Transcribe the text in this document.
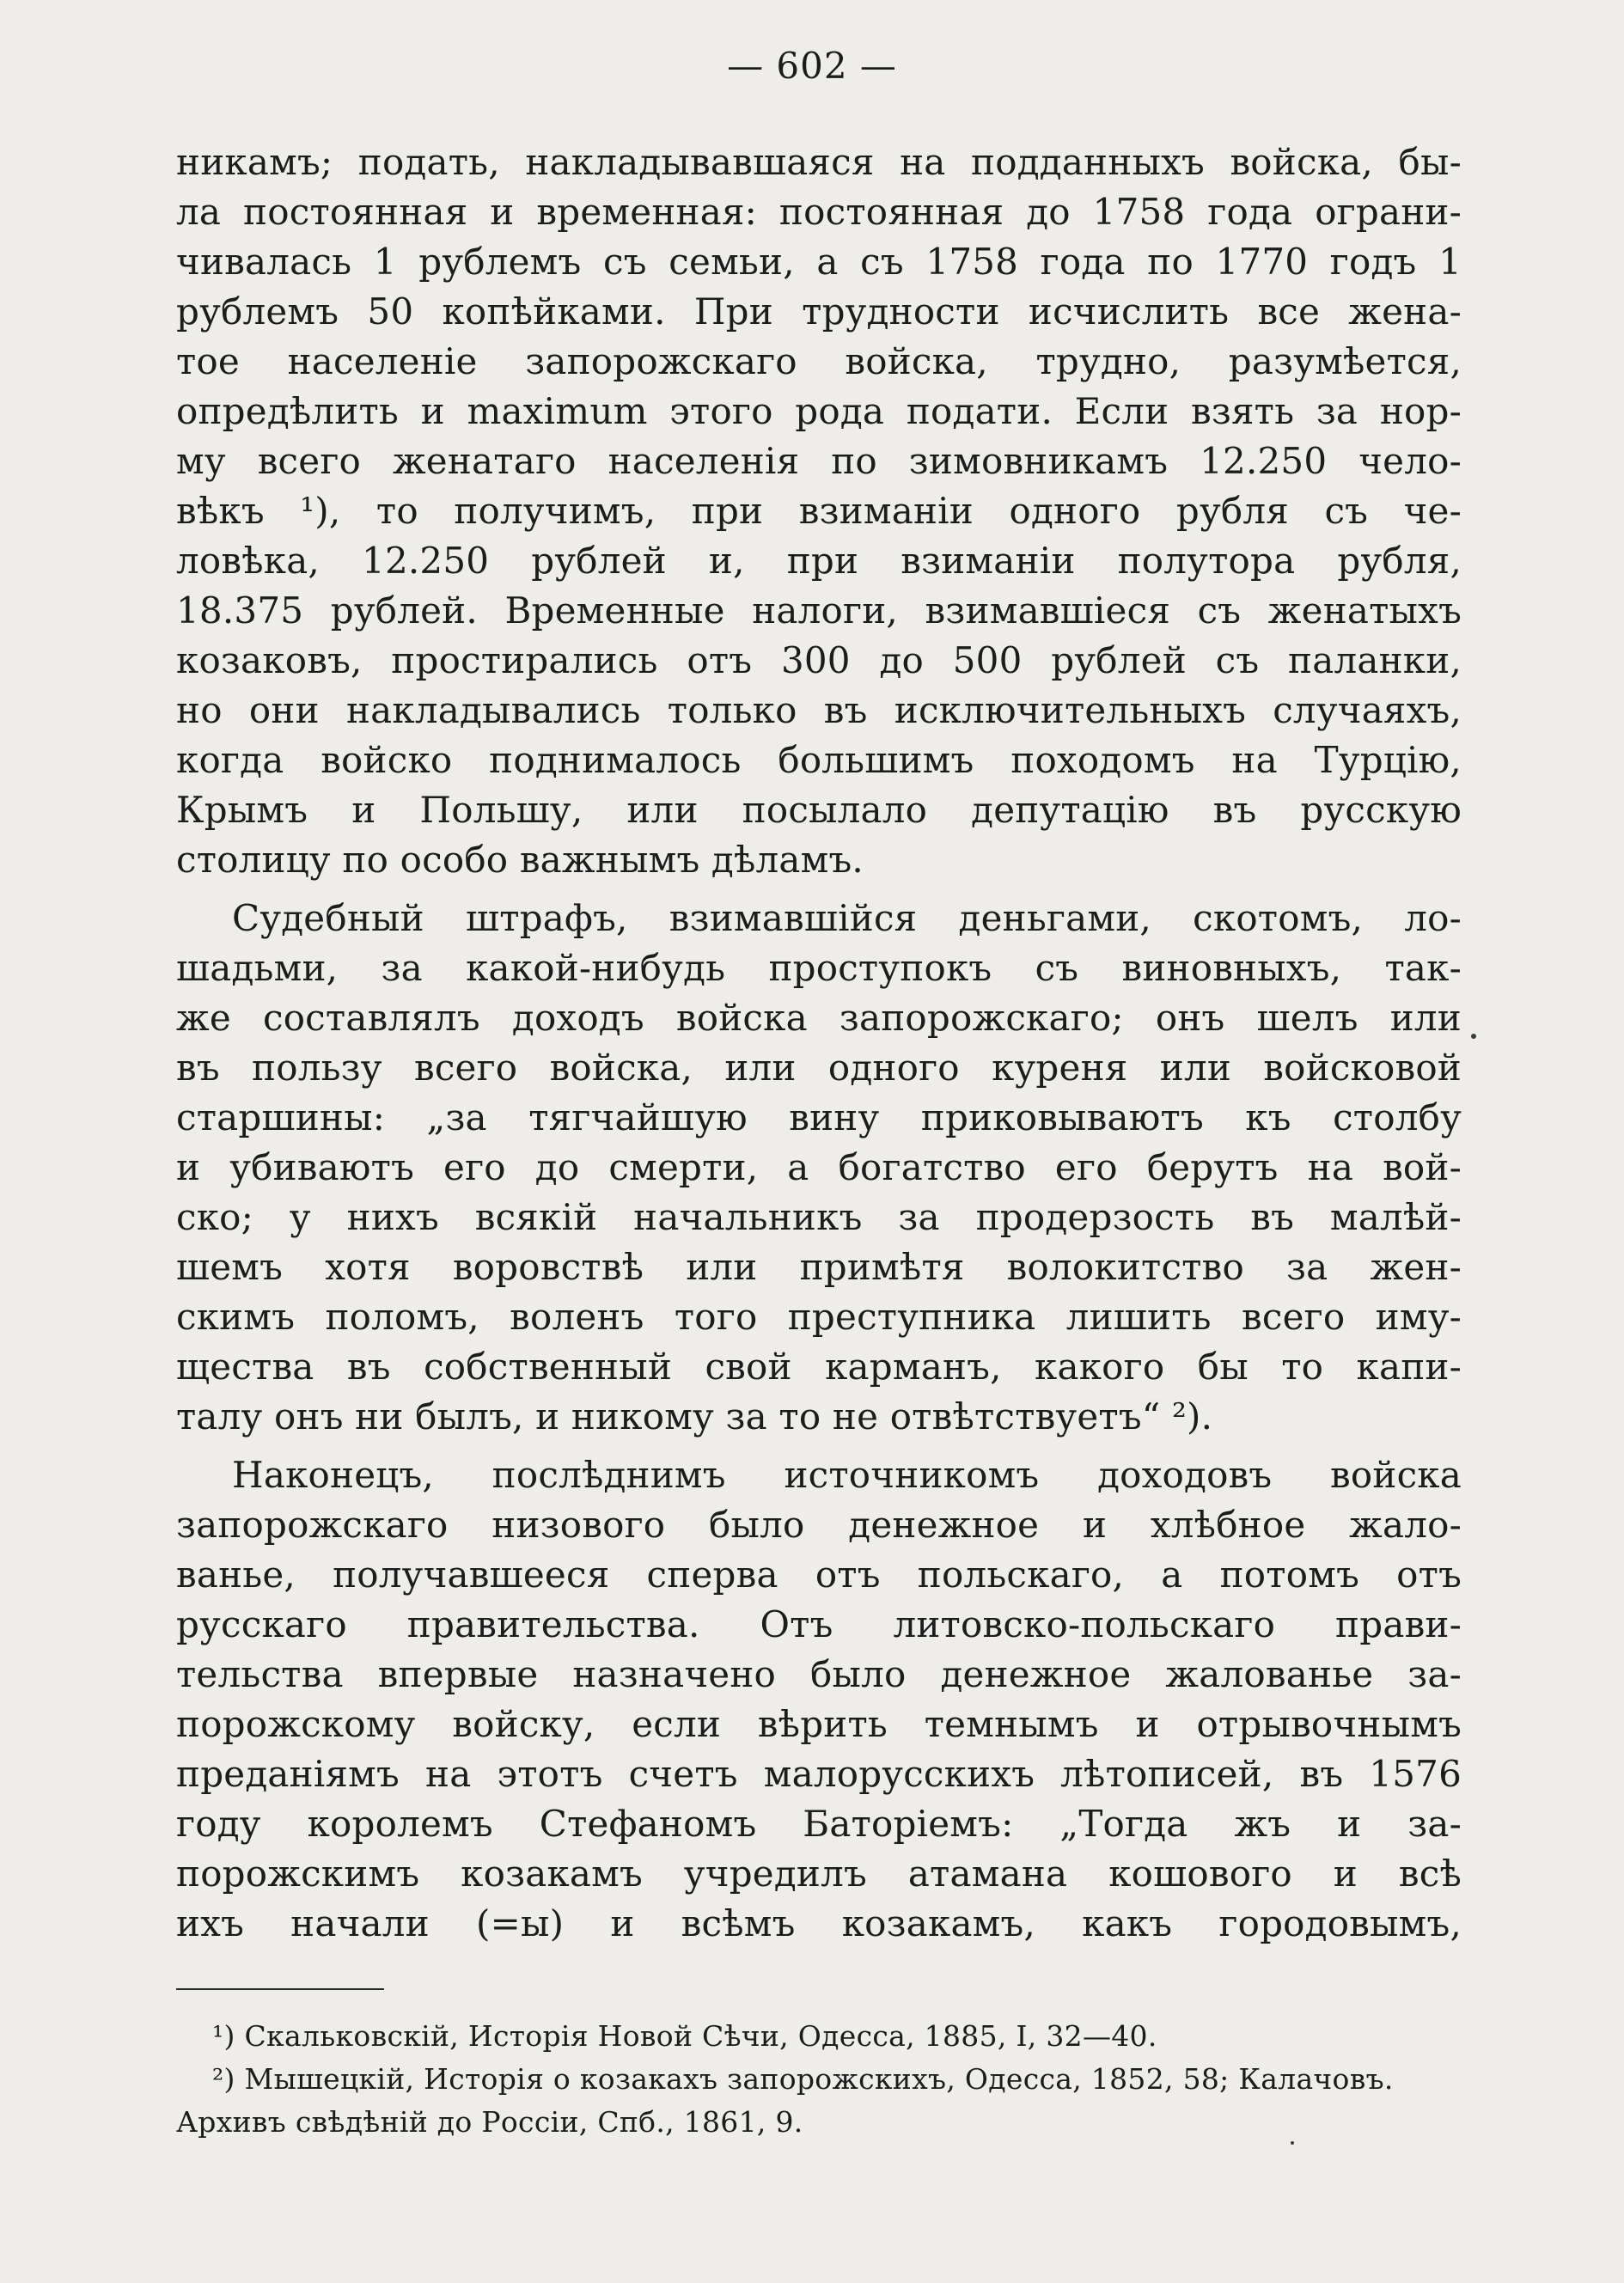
— 602 —
никамъ; подать, накладывавшаяся на подданныхъ войска, бы-
ла постоянная и временная: постоянная до 1758 года ограни-
чивалась 1 рублемъ съ семьи, а съ 1758 года по 1770 годъ 1
рублемъ 50 копѣйками. При трудности исчислить все жена-
тое населеніе запорожскаго войска, трудно, разумѣется,
опредѣлить и maximum этого рода подати. Если взять за нор-
му всего женатаго населенія по зимовникамъ 12.250 чело-
вѣкъ ¹), то получимъ, при взиманіи одного рубля съ че-
ловѣка, 12.250 рублей и, при взиманіи полутора рубля,
18.375 рублей. Временные налоги, взимавшіеся съ женатыхъ
козаковъ, простирались отъ 300 до 500 рублей съ паланки,
но они накладывались только въ исключительныхъ случаяхъ,
когда войско поднималось большимъ походомъ на Турцію,
Крымъ и Польшу, или посылало депутацію въ русскую
столицу по особо важнымъ дѣламъ.
Судебный штрафъ, взимавшійся деньгами, скотомъ, ло-
шадьми, за какой-нибудь проступокъ съ виновныхъ, так-
же составлялъ доходъ войска запорожскаго; онъ шелъ или
въ пользу всего войска, или одного куреня или войсковой
старшины: „за тягчайшую вину приковываютъ къ столбу
и убиваютъ его до смерти, а богатство его берутъ на вой-
ско; у нихъ всякій начальникъ за продерзость въ малѣй-
шемъ хотя воровствѣ или примѣтя волокитство за жен-
скимъ поломъ, воленъ того преступника лишить всего иму-
щества въ собственный свой карманъ, какого бы то капи-
талу онъ ни былъ, и никому за то не отвѣтствуетъ“ ²).
Наконецъ, послѣднимъ источникомъ доходовъ войска
запорожскаго низового было денежное и хлѣбное жало-
ванье, получавшееся сперва отъ польскаго, а потомъ отъ
русскаго правительства. Отъ литовско-польскаго прави-
тельства впервые назначено было денежное жалованье за-
порожскому войску, если вѣрить темнымъ и отрывочнымъ
преданіямъ на этотъ счетъ малорусскихъ лѣтописей, въ 1576
году королемъ Стефаномъ Баторіемъ: „Тогда жъ и за-
порожскимъ козакамъ учредилъ атамана кошового и всѣ
ихъ начали (=ы) и всѣмъ козакамъ, какъ городовымъ,
¹) Скальковскій, Исторія Новой Сѣчи, Одесса, 1885, I, 32—40.
²) Мышецкій, Исторія о козакахъ запорожскихъ, Одесса, 1852, 58; Калачовъ.
Архивъ свѣдѣній до Россіи, Спб., 1861, 9.
